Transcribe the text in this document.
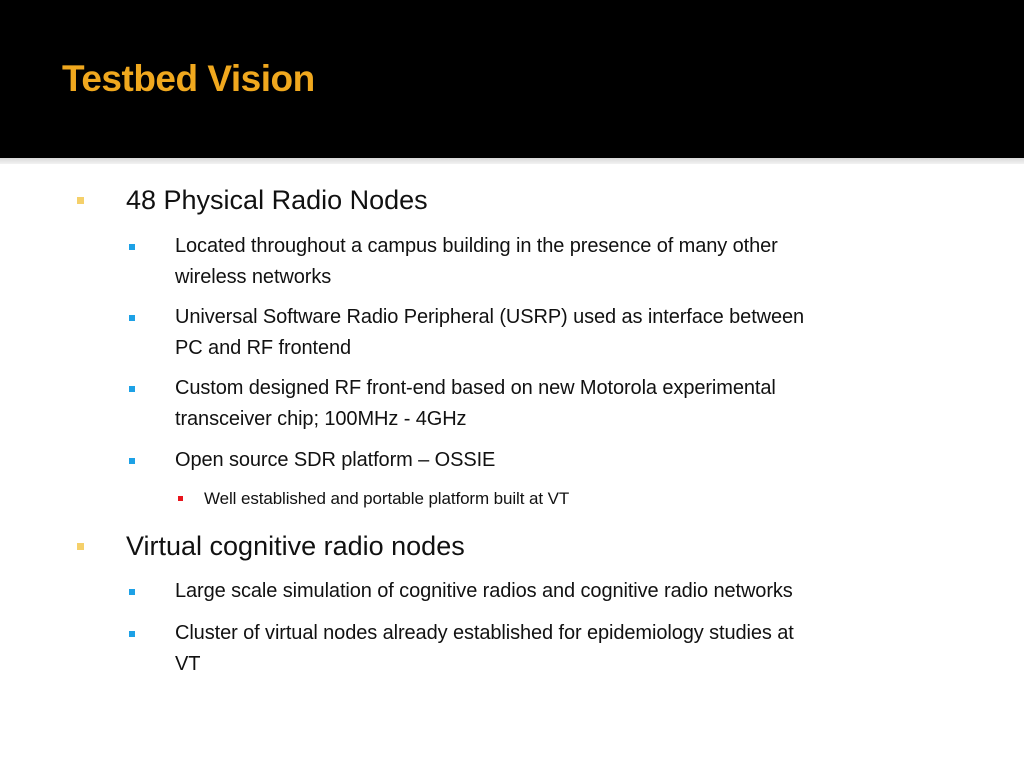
Testbed Vision

48 Physical Radio Nodes

Located throughout a campus building in the presence of many other

wireless networks

Universal Software Radio Peripheral (USRP) used as interface between

PC and RF frontend

Custom designed RF front-end based on new Motorola experimental

transceiver chip; 100MHz - 4GHz

Open source SDR platform – OSSIE

Well established and portable platform built at VT

Virtual cognitive radio nodes

Large scale simulation of cognitive radios and cognitive radio networks

Cluster of virtual nodes already established for epidemiology studies at

VT
